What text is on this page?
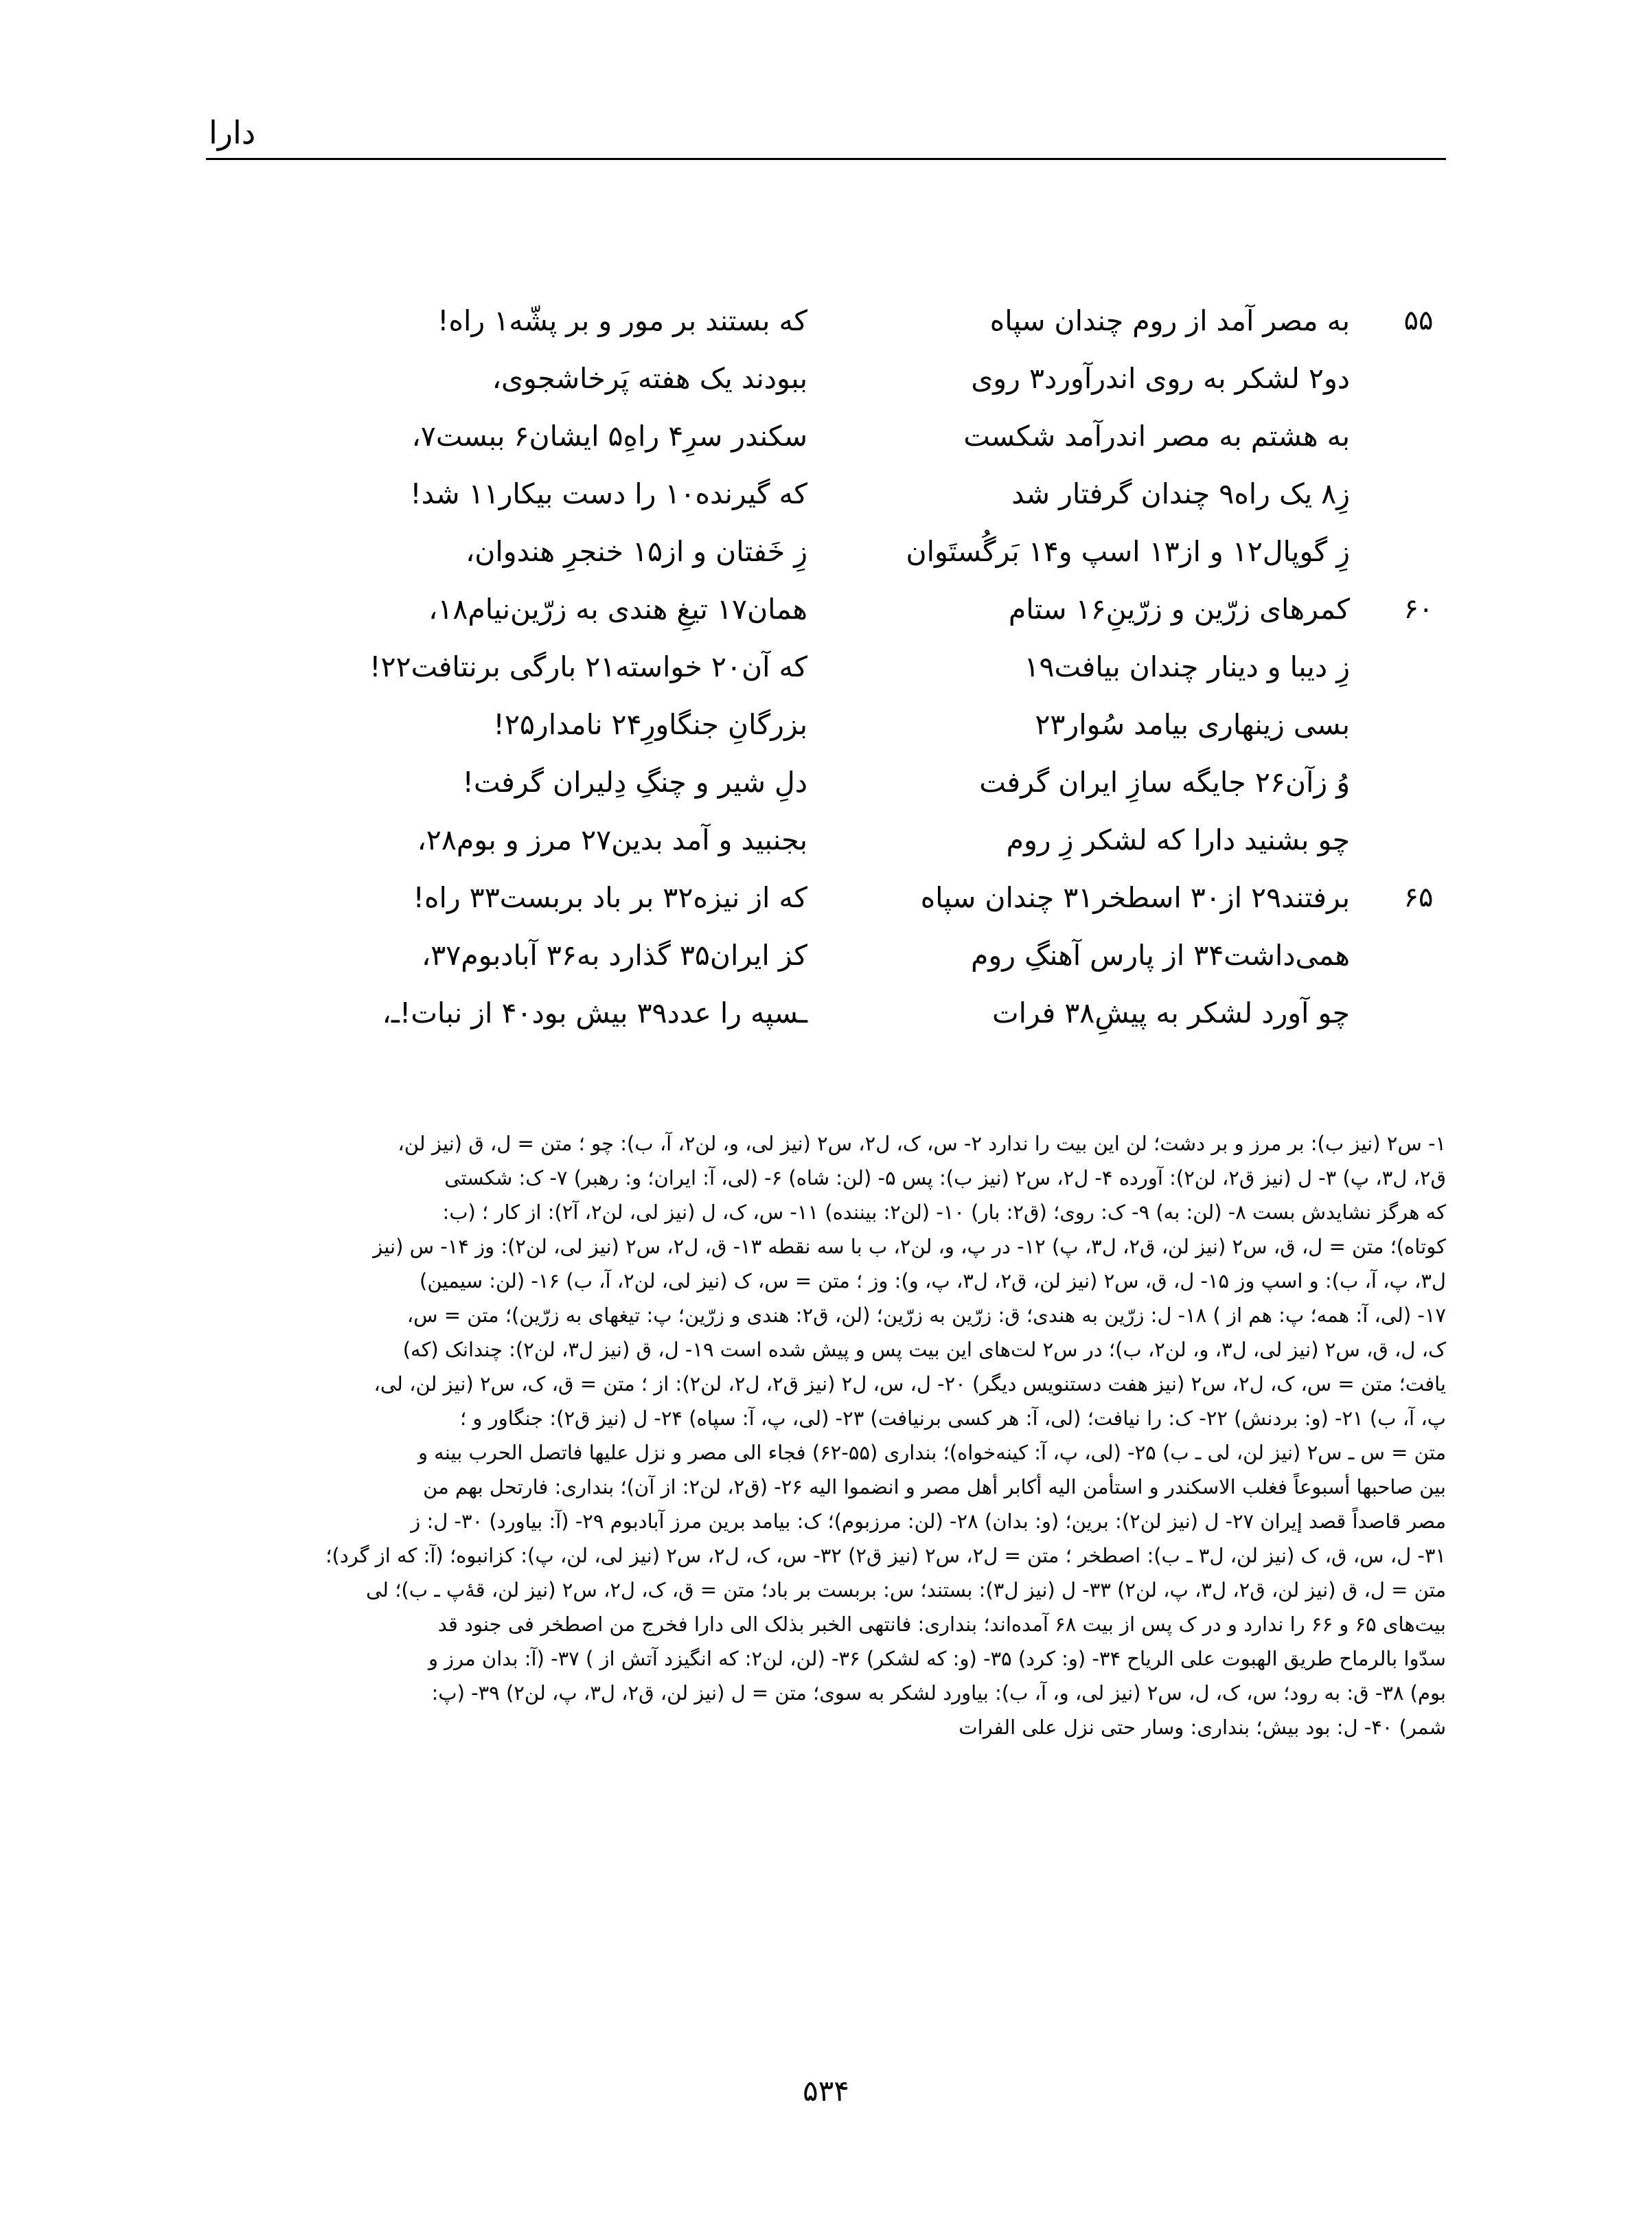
دارا
۵۵
به مصر آمد از روم چندان سپاه
که بستند بر مور و بر پشّه۱ راه!
دو۲ لشکر به روی اندرآورد۳ روی
ببودند یک هفته پَرخاشجوی،
به هشتم به مصر اندرآمد شکست
سکندر سرِ۴ راهِ۵ ایشان۶ ببست۷،
زِ۸ یک راه۹ چندان گرفتار شد
که گیرنده۱۰ را دست بیکار۱۱ شد!
زِ گوپال۱۲ و از۱۳ اسپ و۱۴ بَرگُستَوان
زِ خَفتان و از۱۵ خنجرِ هندوان،
۶۰
کمرهای زرّین و زرّینِ۱۶ ستام
همان۱۷ تیغِ هندی به زرّین‌نیام۱۸،
زِ دیبا و دینار چندان بیافت۱۹
که آن۲۰ خواسته۲۱ بارگی برنتافت۲۲!
بسی زینهاری بیامد سُوار۲۳
بزرگانِ جنگاورِ۲۴ نامدار۲۵!
وُ زآن۲۶ جایگه سازِ ایران گرفت
دلِ شیر و چنگِ دِلیران گرفت!
چو بشنید دارا که لشکر زِ روم
بجنبید و آمد بدین۲۷ مرز و بوم۲۸،
۶۵
برفتند۲۹ از۳۰ اسطخر۳۱ چندان سپاه
که از نیزه۳۲ بر باد بربست۳۳ راه!
همی‌داشت۳۴ از پارس آهنگِ روم
کز ایران۳۵ گذارد به۳۶ آبادبوم۳۷،
چو آورد لشکر به پیشِ۳۸ فرات
ـسپه را عدد۳۹ بیش بود۴۰ از نبات!ـ،

۱- س۲ (نیز ب): بر مرز و بر دشت؛ لن این بیت را ندارد ۲- س، ک، ل۲، س۲ (نیز لی، و، لن۲، آ، ب): چو ؛ متن = ل، ق (نیز لن،

ق۲، ل۳، پ) ۳- ل (نیز ق۲، لن۲): آورده ۴- ل۲، س۲ (نیز ب): پس ۵- (لن: شاه) ۶- (لی، آ: ایران؛ و: رهبر) ۷- ک: شکستی

که هرگز نشایدش بست ۸- (لن: به) ۹- ک: روی؛ (ق۲: بار) ۱۰- (لن۲: بیننده) ۱۱- س، ک، ل (نیز لی، لن۲، آ۲): از کار ؛ (ب:

کوتاه)؛ متن = ل، ق، س۲ (نیز لن، ق۲، ل۳، پ) ۱۲- در پ، و، لن۲، ب با سه نقطه ۱۳- ق، ل۲، س۲ (نیز لی، لن۲): وز ۱۴- س (نیز

ل۳، پ، آ، ب): و اسپ وز ۱۵- ل، ق، س۲ (نیز لن، ق۲، ل۳، پ، و): وز ؛ متن = س، ک (نیز لی، لن۲، آ، ب) ۱۶- (لن: سیمین)

۱۷- (لی، آ: همه؛ پ: هم از ) ۱۸- ل: زرّین به هندی؛ ق: زرّین به زرّین؛ (لن، ق۲: هندی و زرّین؛ پ: تیغهای به زرّین)؛ متن = س،

ک، ل، ق، س۲ (نیز لی، ل۳، و، لن۲، ب)؛ در س۲ لت‌های این بیت پس و پیش شده است ۱۹- ل، ق (نیز ل۳، لن۲): چندانک (که)

یافت؛ متن = س، ک، ل۲، س۲ (نیز هفت دستنویس دیگر) ۲۰- ل، س، ل۲ (نیز ق۲، ل۲، لن۲): از ؛ متن = ق، ک، س۲ (نیز لن، لی،

پ، آ، ب) ۲۱- (و: بردنش) ۲۲- ک: را نیافت؛ (لی، آ: هر کسی برنیافت) ۲۳- (لی، پ، آ: سپاه) ۲۴- ل (نیز ق۲): جنگاور و ؛

متن = س ـ س۲ (نیز لن، لی ـ ب) ۲۵- (لی، پ، آ: کینه‌خواه)؛ بنداری (۵۵-۶۲) فجاء الی مصر و نزل علیها فاتصل الحرب بینه و

بین صاحبها أسبوعاً فغلب الاسکندر و استأمن الیه أکابر أهل مصر و انضموا الیه ۲۶- (ق۲، لن۲: از آن)؛ بنداری: فارتحل بهم من

مصر قاصداً قصد إیران ۲۷- ل (نیز لن۲): برین؛ (و: بدان) ۲۸- (لن: مرزبوم)؛ ک: بیامد برین مرز آبادبوم ۲۹- (آ: بیاورد) ۳۰- ل: ز

۳۱- ل، س، ق، ک (نیز لن، ل۳ ـ ب): اصطخر ؛ متن = ل۲، س۲ (نیز ق۲) ۳۲- س، ک، ل۲، س۲ (نیز لی، لن، پ): کزانبوه؛ (آ: که از گرد)؛

متن = ل، ق (نیز لن، ق۲، ل۳، پ، لن۲) ۳۳- ل (نیز ل۳): بستند؛ س: بربست بر باد؛ متن = ق، ک، ل۲، س۲ (نیز لن، قۀپ ـ ب)؛ لی

بیت‌های ۶۵ و ۶۶ را ندارد و در ک پس از بیت ۶۸ آمده‌اند؛ بنداری: فانتهی الخبر بذلک الی دارا فخرج من اصطخر فی جنود قد

سدّوا بالرماح طریق الهبوت علی الریاح ۳۴- (و: کرد) ۳۵- (و: که لشکر) ۳۶- (لن، لن۲: که انگیزد آتش از ) ۳۷- (آ: بدان مرز و

بوم) ۳۸- ق: به رود؛ س، ک، ل، س۲ (نیز لی، و، آ، ب): بیاورد لشکر به سوی؛ متن = ل (نیز لن، ق۲، ل۳، پ، لن۲) ۳۹- (پ:

شمر) ۴۰- ل: بود بیش؛ بنداری: وسار حتی نزل علی الفرات

۵۳۴
